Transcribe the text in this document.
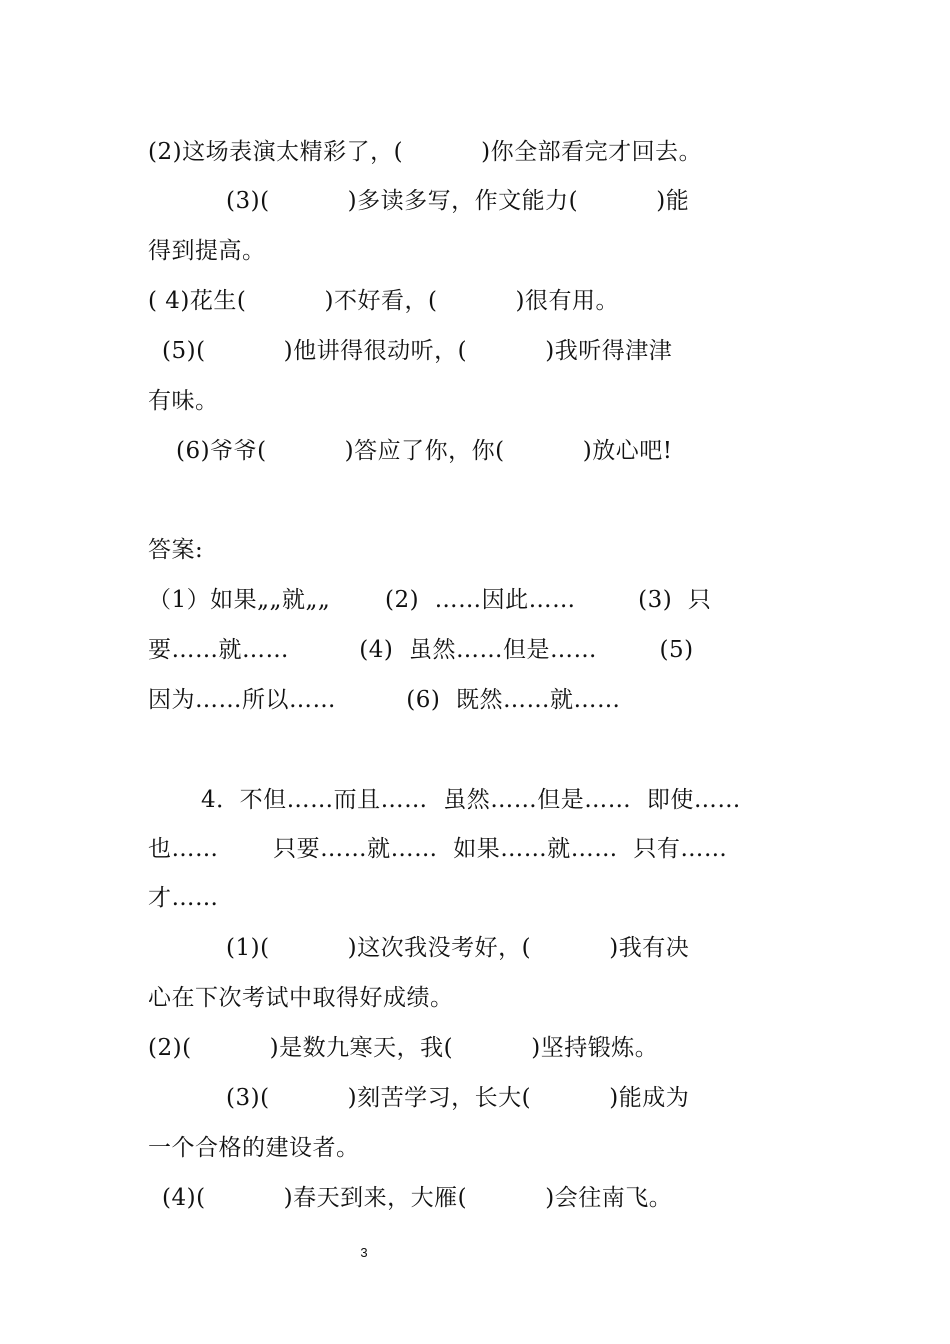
(2)这场表演太精彩了，(          )你全部看完才回去。
(3)(          )多读多写，作文能力(          )能
得到提高。
( 4)花生(          )不好看，(          )很有用。
(5)(          )他讲得很动听，(          )我听得津津
有味。
(6)爷爷(          )答应了你，你(          )放心吧!
答案:
（1）如果„„就„„       (2)  ……因此……        (3)  只
要……就……         (4)  虽然……但是……        (5)
因为……所以……         (6)  既然……就……
4．不但……而且……  虽然……但是……  即使……
也……       只要……就……  如果……就……  只有……
才……
(1)(          )这次我没考好，(          )我有决
心在下次考试中取得好成绩。
(2)(          )是数九寒天，我(          )坚持锻炼。
(3)(          )刻苦学习，长大(          )能成为
一个合格的建设者。
(4)(          )春天到来，大雁(          )会往南飞。
3
